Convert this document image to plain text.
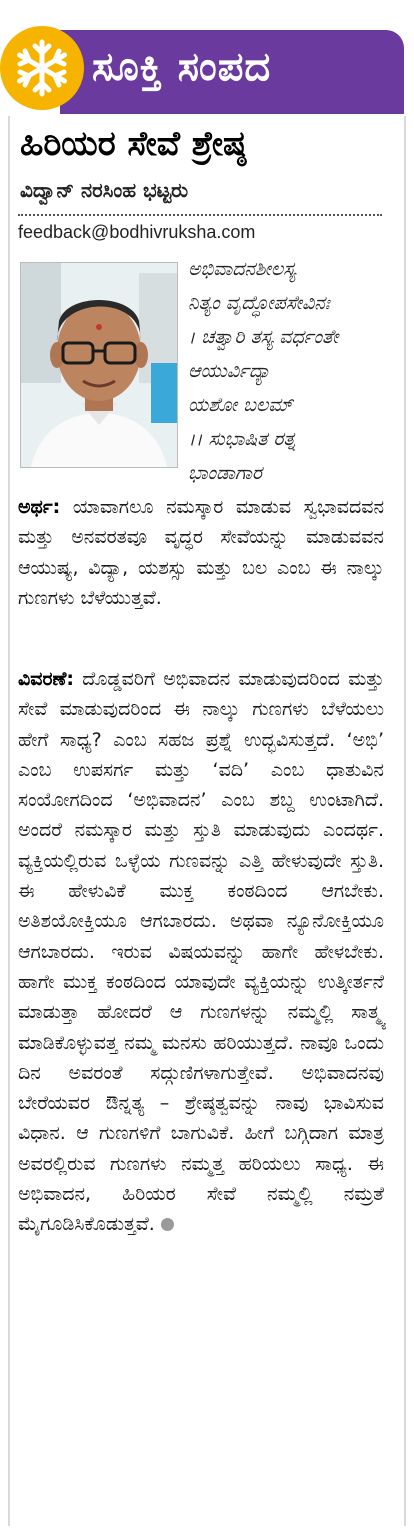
ಸೂಕ್ತಿ ಸಂಪದ
ಹಿರಿಯರ ಸೇವೆ ಶ್ರೇಷ್ಠ
ವಿದ್ವಾನ್ ನರಸಿಂಹ ಭಟ್ಟರು
feedback@bodhivruksha.com
ಅಭಿವಾದನಶೀಲಸ್ಯ
ನಿತ್ಯಂ ವೃದ್ಧೋಪಸೇವಿನಃ
। ಚತ್ವಾರಿ ತಸ್ಯ ವರ್ಧಂತೇ
ಆಯುರ್ವಿದ್ಯಾ
ಯಶೋ ಬಲಮ್
।। ಸುಭಾಷಿತ ರತ್ನ
ಭಾಂಡಾಗಾರ
ಅರ್ಥ: ಯಾವಾಗಲೂ ನಮಸ್ಕಾರ ಮಾಡುವ ಸ್ವಭಾವದವನ ಮತ್ತು ಅನವರತವೂ ವೃದ್ಧರ ಸೇವೆಯನ್ನು ಮಾಡುವವನ ಆಯುಷ್ಯ, ವಿದ್ಯಾ, ಯಶಸ್ಸು ಮತ್ತು ಬಲ ಎಂಬ ಈ ನಾಲ್ಕು ಗುಣಗಳು ಬೆಳೆಯುತ್ತವೆ.
ವಿವರಣೆ: ದೊಡ್ಡವರಿಗೆ ಅಭಿವಾದನ ಮಾಡುವುದರಿಂದ ಮತ್ತು ಸೇವೆ ಮಾಡುವುದರಿಂದ ಈ ನಾಲ್ಕು ಗುಣಗಳು ಬೆಳೆಯಲು ಹೇಗೆ ಸಾಧ್ಯ? ಎಂಬ ಸಹಜ ಪ್ರಶ್ನೆ ಉದ್ಭವಿಸುತ್ತದೆ. ‘ಅಭಿ’ ಎಂಬ ಉಪಸರ್ಗ ಮತ್ತು ‘ವದಿ’ ಎಂಬ ಧಾತುವಿನ ಸಂಯೋಗದಿಂದ ‘ಅಭಿವಾದನ’ ಎಂಬ ಶಬ್ದ ಉಂಟಾಗಿದೆ. ಅಂದರೆ ನಮಸ್ಕಾರ ಮತ್ತು ಸ್ತುತಿ ಮಾಡುವುದು ಎಂದರ್ಥ. ವ್ಯಕ್ತಿಯಲ್ಲಿರುವ ಒಳ್ಳೆಯ ಗುಣವನ್ನು ಎತ್ತಿ ಹೇಳುವುದೇ ಸ್ತುತಿ. ಈ ಹೇಳುವಿಕೆ ಮುಕ್ತ ಕಂಠದಿಂದ ಆಗಬೇಕು. ಅತಿಶಯೋಕ್ತಿಯೂ ಆಗಬಾರದು. ಅಥವಾ ನ್ಯೂನೋಕ್ತಿಯೂ ಆಗಬಾರದು. ಇರುವ ವಿಷಯವನ್ನು ಹಾಗೇ ಹೇಳಬೇಕು. ಹಾಗೇ ಮುಕ್ತ ಕಂಠದಿಂದ ಯಾವುದೇ ವ್ಯಕ್ತಿಯನ್ನು ಉತ್ಕೀರ್ತನೆ ಮಾಡುತ್ತಾ ಹೋದರೆ ಆ ಗುಣಗಳನ್ನು ನಮ್ಮಲ್ಲಿ ಸಾತ್ಮ್ಯ ಮಾಡಿಕೊಳ್ಳುವತ್ತ ನಮ್ಮ ಮನಸು ಹರಿಯುತ್ತದೆ. ನಾವೂ ಒಂದು ದಿನ ಅವರಂತೆ ಸದ್ಗುಣಿಗಳಾಗುತ್ತೇವೆ. ಅಭಿವಾದನವು ಬೇರೆಯವರ ಔನ್ನತ್ಯ – ಶ್ರೇಷ್ಠತ್ವವನ್ನು ನಾವು ಭಾವಿಸುವ ವಿಧಾನ. ಆ ಗುಣಗಳಿಗೆ ಬಾಗುವಿಕೆ. ಹೀಗೆ ಬಗ್ಗಿದಾಗ ಮಾತ್ರ ಅವರಲ್ಲಿರುವ ಗುಣಗಳು ನಮ್ಮತ್ತ ಹರಿಯಲು ಸಾಧ್ಯ. ಈ ಅಭಿವಾದನ, ಹಿರಿಯರ ಸೇವೆ ನಮ್ಮಲ್ಲಿ ನಮ್ರತೆ ಮೈಗೂಡಿಸಿಕೊಡುತ್ತವೆ.
